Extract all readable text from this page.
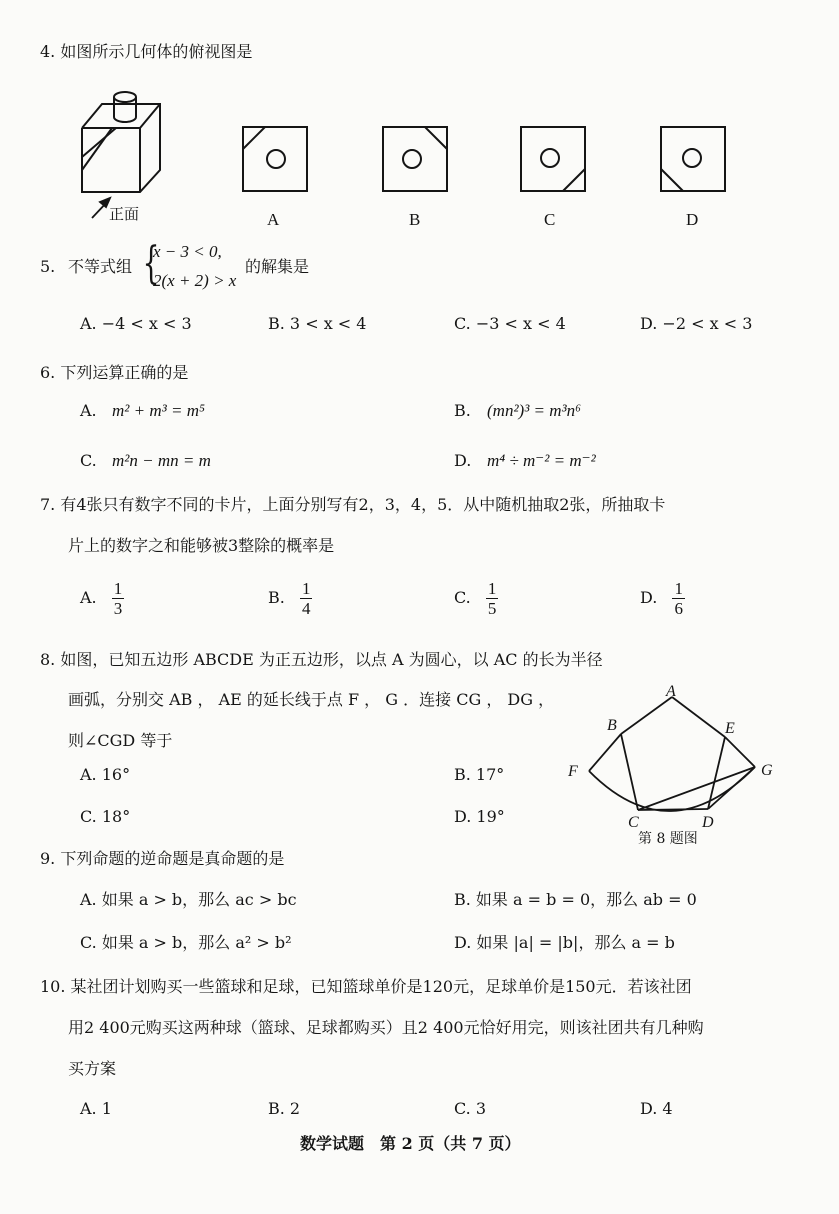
4. 如图所示几何体的俯视图是
正面	A	B	C	D
5. 不等式组 {
x − 3 < 0,
2(x + 2) > x
的解集是
A. −4 < x < 3	B. 3 < x < 4	C. −3 < x < 4	D. −2 < x < 3
6. 下列运算正确的是
A. m² + m³ = m⁵	B. (mn²)³ = m³n⁶
C. m²n − mn = m	D. m⁴ ÷ m⁻² = m⁻²
7. 有4张只有数字不同的卡片，上面分别写有2，3，4，5．从中随机抽取2张，所抽取卡
片上的数字之和能够被3整除的概率是
A. $\frac{1}{3}$	B. $\frac{1}{4}$	C. $\frac{1}{5}$	D. $\frac{1}{6}$
8. 如图，已知五边形 ABCDE 为正五边形，以点 A 为圆心，以 AC 的长为半径
画弧，分别交 AB ， AE 的延长线于点 F ， G ．连接 CG ， DG ，
则∠CGD 等于
A. 16°	B. 17°
C. 18°	D. 19°
A
B	E
F	G
C	D
第 8 题图
9. 下列命题的逆命题是真命题的是
A. 如果 a > b，那么 ac > bc	B. 如果 a = b = 0，那么 ab = 0
C. 如果 a > b，那么 a² > b²	D. 如果 |a| = |b|，那么 a = b
10. 某社团计划购买一些篮球和足球，已知篮球单价是120元，足球单价是150元．若该社团
用2 400元购买这两种球（篮球、足球都购买）且2 400元恰好用完，则该社团共有几种购
买方案
A. 1	B. 2	C. 3	D. 4
数学试题　第 2 页（共 7 页）
